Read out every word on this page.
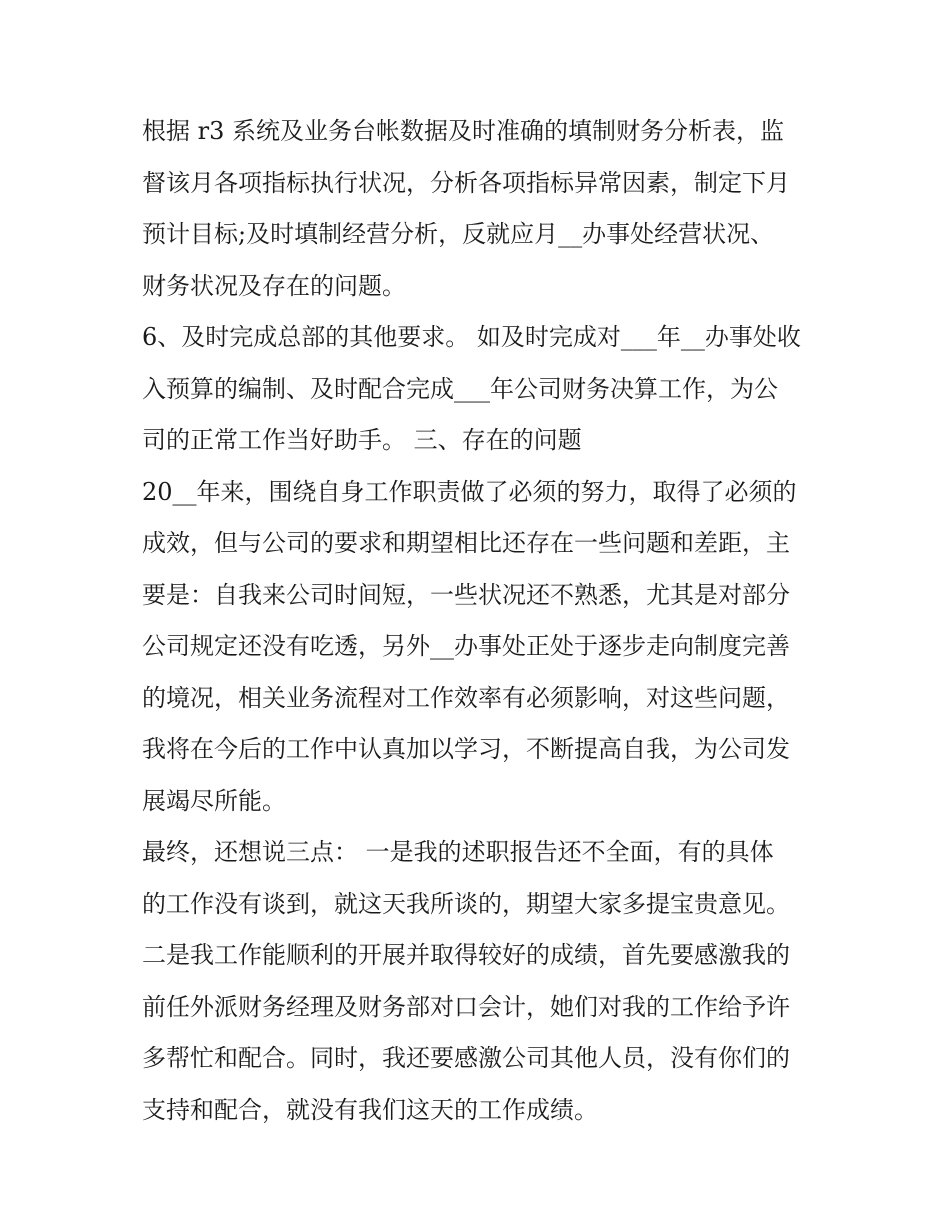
根据 r3 系统及业务台帐数据及时准确的填制财务分析表，监
督该月各项指标执行状况，分析各项指标异常因素，制定下月
预计目标;及时填制经营分析，反就应月__办事处经营状况、
财务状况及存在的问题。
6、及时完成总部的其他要求。 如及时完成对___年__办事处收
入预算的编制、及时配合完成___年公司财务决算工作，为公
司的正常工作当好助手。 三、存在的问题
20__年来，围绕自身工作职责做了必须的努力，取得了必须的
成效，但与公司的要求和期望相比还存在一些问题和差距，主
要是：自我来公司时间短，一些状况还不熟悉，尤其是对部分
公司规定还没有吃透，另外__办事处正处于逐步走向制度完善
的境况，相关业务流程对工作效率有必须影响，对这些问题，
我将在今后的工作中认真加以学习，不断提高自我，为公司发
展竭尽所能。
最终，还想说三点： 一是我的述职报告还不全面，有的具体
的工作没有谈到，就这天我所谈的，期望大家多提宝贵意见。
二是我工作能顺利的开展并取得较好的成绩，首先要感激我的
前任外派财务经理及财务部对口会计，她们对我的工作给予许
多帮忙和配合。同时，我还要感激公司其他人员，没有你们的
支持和配合，就没有我们这天的工作成绩。
